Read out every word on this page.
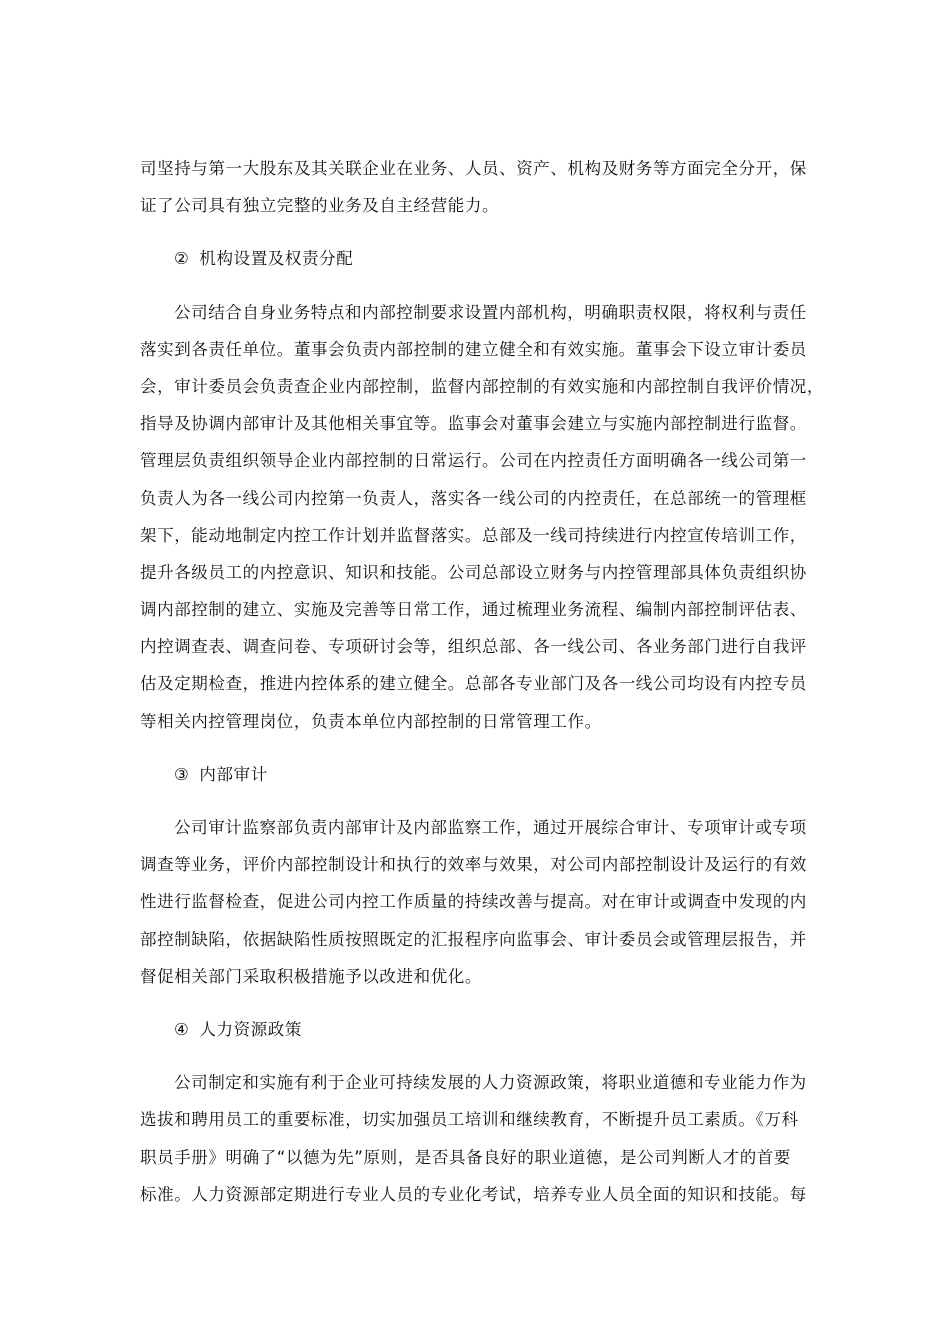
司坚持与第一大股东及其关联企业在业务、人员、资产、机构及财务等方面完全分开，保
证了公司具有独立完整的业务及自主经营能力。
② 机构设置及权责分配
公司结合自身业务特点和内部控制要求设置内部机构，明确职责权限，将权利与责任
落实到各责任单位。董事会负责内部控制的建立健全和有效实施。董事会下设立审计委员
会，审计委员会负责查企业内部控制，监督内部控制的有效实施和内部控制自我评价情况，
指导及协调内部审计及其他相关事宜等。监事会对董事会建立与实施内部控制进行监督。
管理层负责组织领导企业内部控制的日常运行。公司在内控责任方面明确各一线公司第一
负责人为各一线公司内控第一负责人，落实各一线公司的内控责任，在总部统一的管理框
架下，能动地制定内控工作计划并监督落实。总部及一线司持续进行内控宣传培训工作，
提升各级员工的内控意识、知识和技能。公司总部设立财务与内控管理部具体负责组织协
调内部控制的建立、实施及完善等日常工作，通过梳理业务流程、编制内部控制评估表、
内控调查表、调查问卷、专项研讨会等，组织总部、各一线公司、各业务部门进行自我评
估及定期检查，推进内控体系的建立健全。总部各专业部门及各一线公司均设有内控专员
等相关内控管理岗位，负责本单位内部控制的日常管理工作。
③ 内部审计
公司审计监察部负责内部审计及内部监察工作，通过开展综合审计、专项审计或专项
调查等业务，评价内部控制设计和执行的效率与效果，对公司内部控制设计及运行的有效
性进行监督检查，促进公司内控工作质量的持续改善与提高。对在审计或调查中发现的内
部控制缺陷，依据缺陷性质按照既定的汇报程序向监事会、审计委员会或管理层报告，并
督促相关部门采取积极措施予以改进和优化。
④ 人力资源政策
公司制定和实施有利于企业可持续发展的人力资源政策，将职业道德和专业能力作为
选拔和聘用员工的重要标准，切实加强员工培训和继续教育，不断提升员工素质。《万科
职员手册》明确了“以德为先”原则，是否具备良好的职业道德，是公司判断人才的首要
标准。人力资源部定期进行专业人员的专业化考试，培养专业人员全面的知识和技能。每
